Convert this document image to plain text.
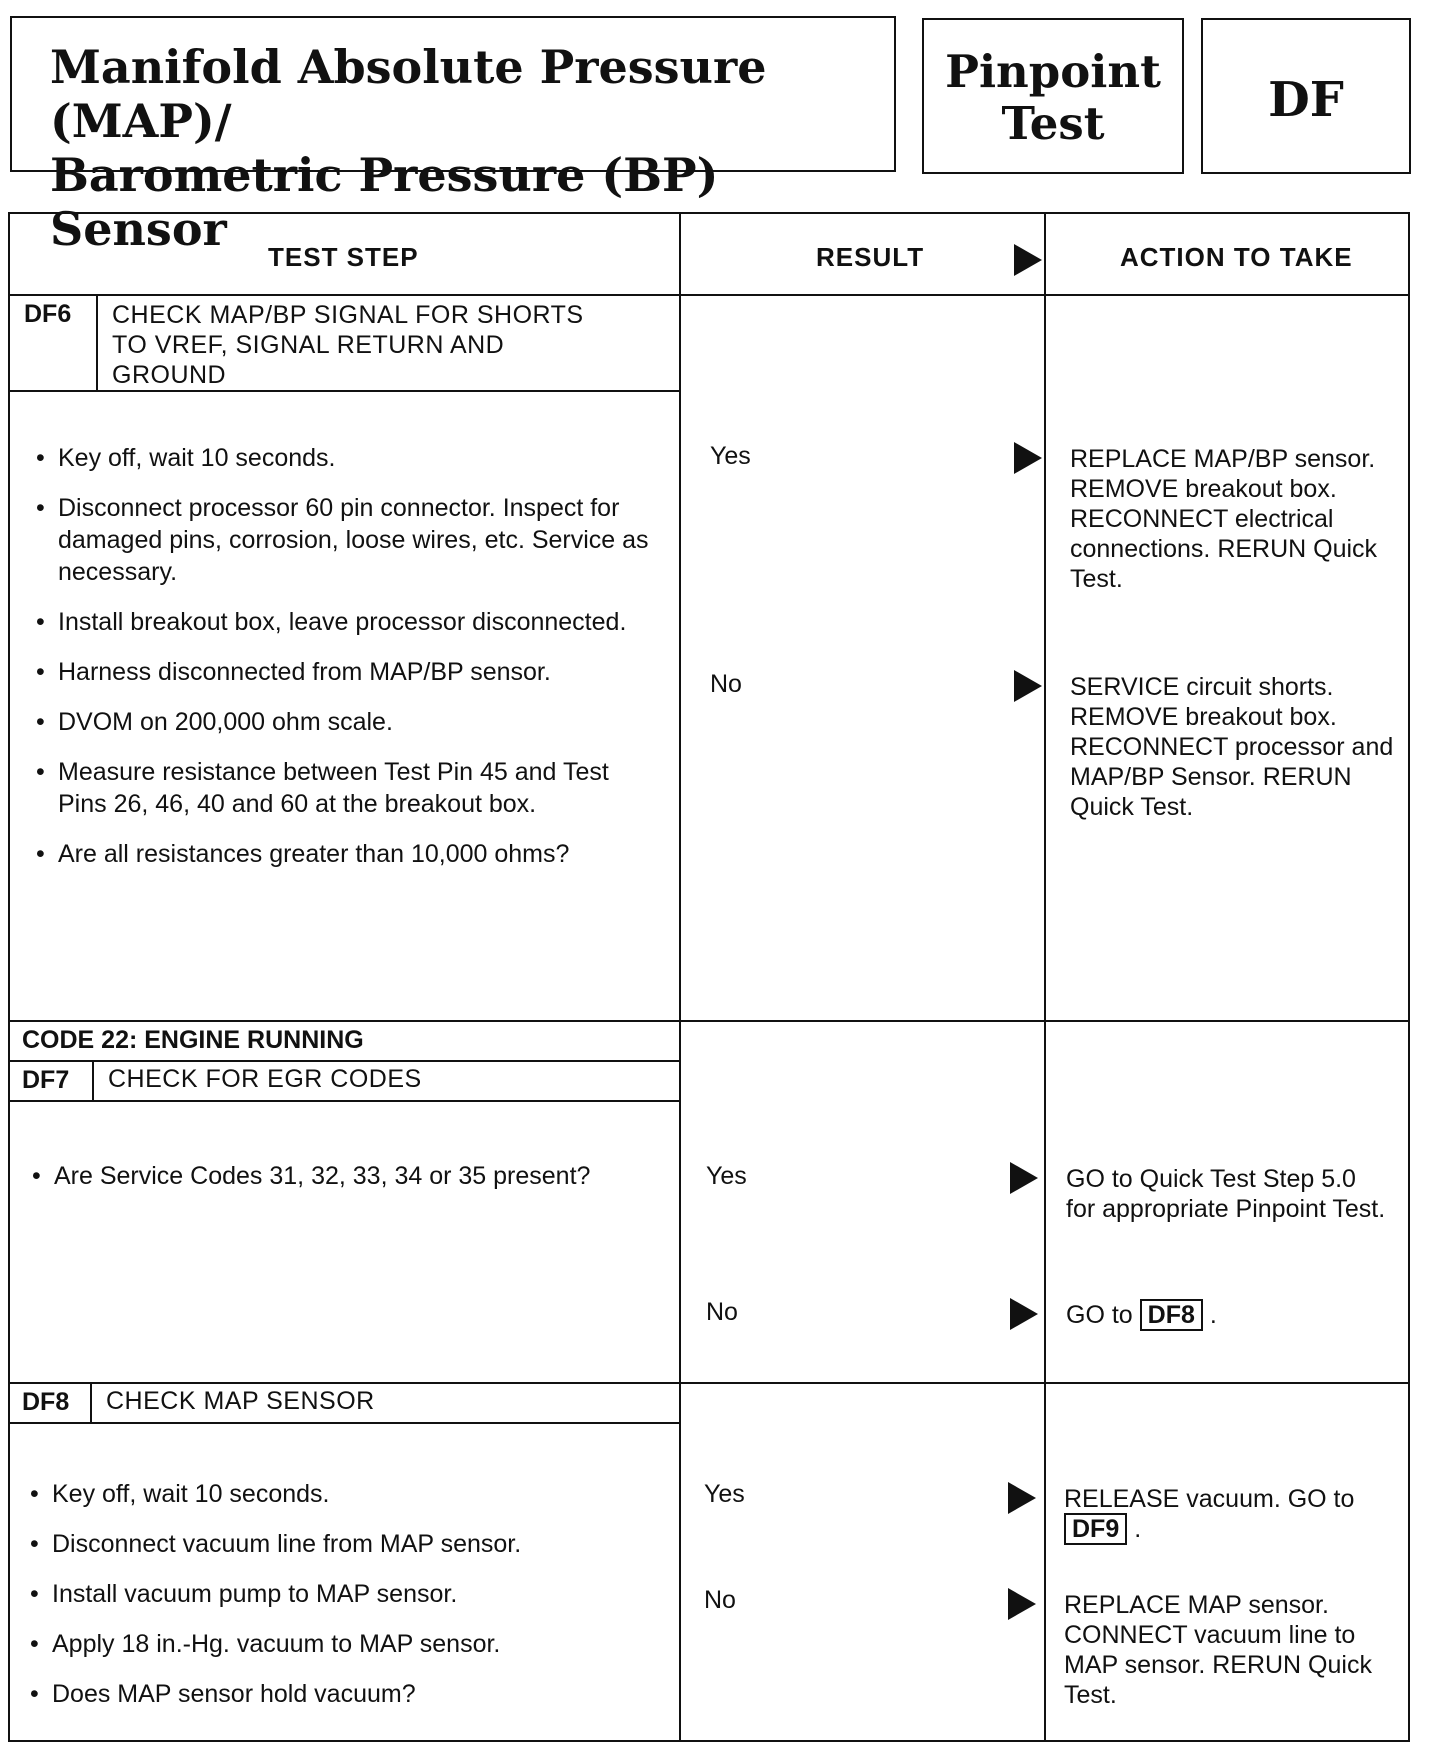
Manifold Absolute Pressure (MAP)/
Barometric Pressure (BP) Sensor
Pinpoint
Test	DF
TEST STEP	RESULT	ACTION TO TAKE
DF6 CHECK MAP/BP SIGNAL FOR SHORTS
TO VREF, SIGNAL RETURN AND
GROUND
• Key off, wait 10 seconds.
• Disconnect processor 60 pin connector. Inspect for damaged pins, corrosion, loose wires, etc. Service as necessary.
• Install breakout box, leave processor disconnected.
• Harness disconnected from MAP/BP sensor.
• DVOM on 200,000 ohm scale.
• Measure resistance between Test Pin 45 and Test Pins 26, 46, 40 and 60 at the breakout box.
• Are all resistances greater than 10,000 ohms?
Yes	REPLACE MAP/BP sensor. REMOVE breakout box. RECONNECT electrical connections. RERUN Quick Test.
No	SERVICE circuit shorts. REMOVE breakout box. RECONNECT processor and MAP/BP Sensor. RERUN Quick Test.
CODE 22: ENGINE RUNNING
DF7 CHECK FOR EGR CODES
• Are Service Codes 31, 32, 33, 34 or 35 present?	Yes	GO to Quick Test Step 5.0 for appropriate Pinpoint Test.
No	GO to DF8 .
DF8 CHECK MAP SENSOR
• Key off, wait 10 seconds.
• Disconnect vacuum line from MAP sensor.
• Install vacuum pump to MAP sensor.
• Apply 18 in.-Hg. vacuum to MAP sensor.
• Does MAP sensor hold vacuum?
Yes	RELEASE vacuum. GO to DF9 .
No	REPLACE MAP sensor. CONNECT vacuum line to MAP sensor. RERUN Quick Test.
